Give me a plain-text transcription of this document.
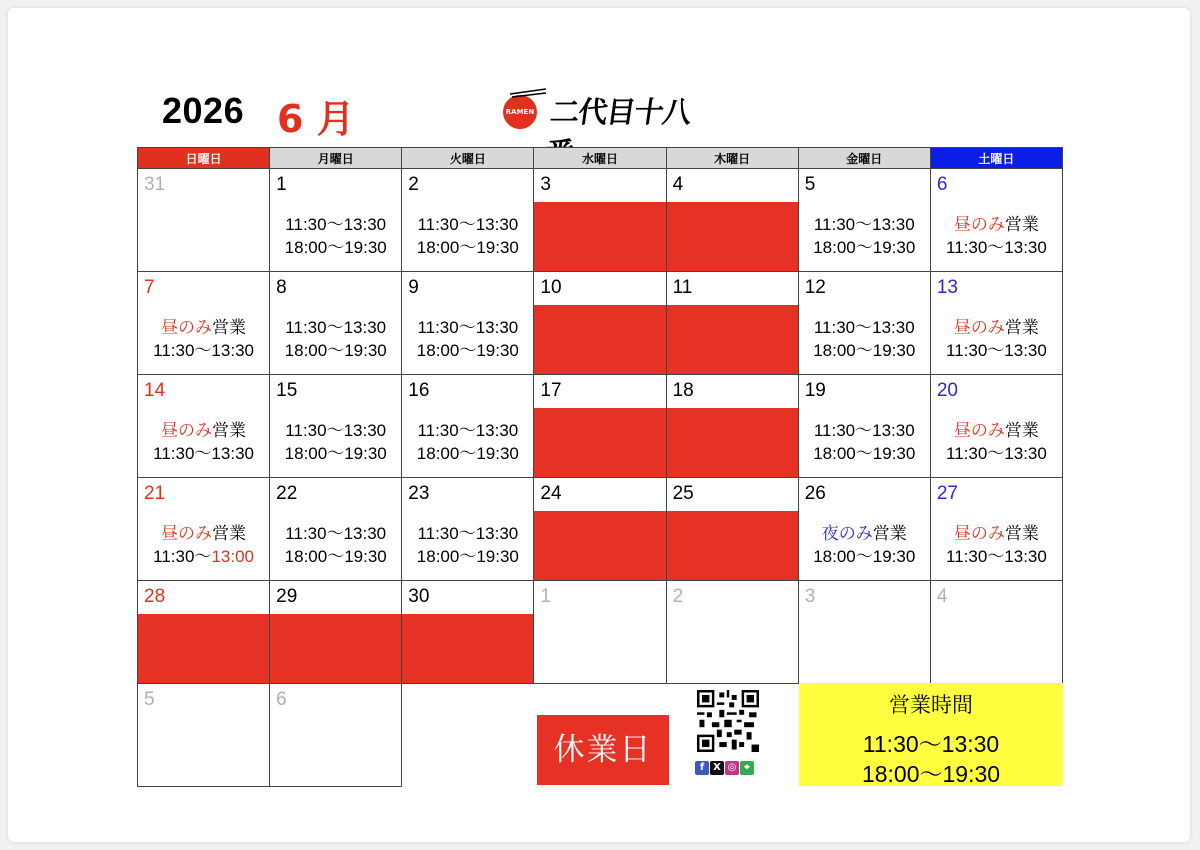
2026 6 月	RAMEN 二代目十八番
日曜日	月曜日	火曜日	水曜日	木曜日	金曜日	土曜日

31	1
11:30〜13:30
18:00〜19:30	2
11:30〜13:30
18:00〜19:30	3	4	5
11:30〜13:30
18:00〜19:30	6
昼のみ営業
11:30〜13:30

7
昼のみ営業
11:30〜13:30	8
11:30〜13:30
18:00〜19:30	9
11:30〜13:30
18:00〜19:30	10	11	12
11:30〜13:30
18:00〜19:30	13
昼のみ営業
11:30〜13:30

14
昼のみ営業
11:30〜13:30	15
11:30〜13:30
18:00〜19:30	16
11:30〜13:30
18:00〜19:30	17	18	19
11:30〜13:30
18:00〜19:30	20
昼のみ営業
11:30〜13:30

21
昼のみ営業
11:30〜13:00	22
11:30〜13:30
18:00〜19:30	23
11:30〜13:30
18:00〜19:30	24	25	26
夜のみ営業
18:00〜19:30	27
昼のみ営業
11:30〜13:30

28	29	30	1	2	3	4

5	6					

休業日	f X ◎ ⌖
営業時間
11:30〜13:30
18:00〜19:30
